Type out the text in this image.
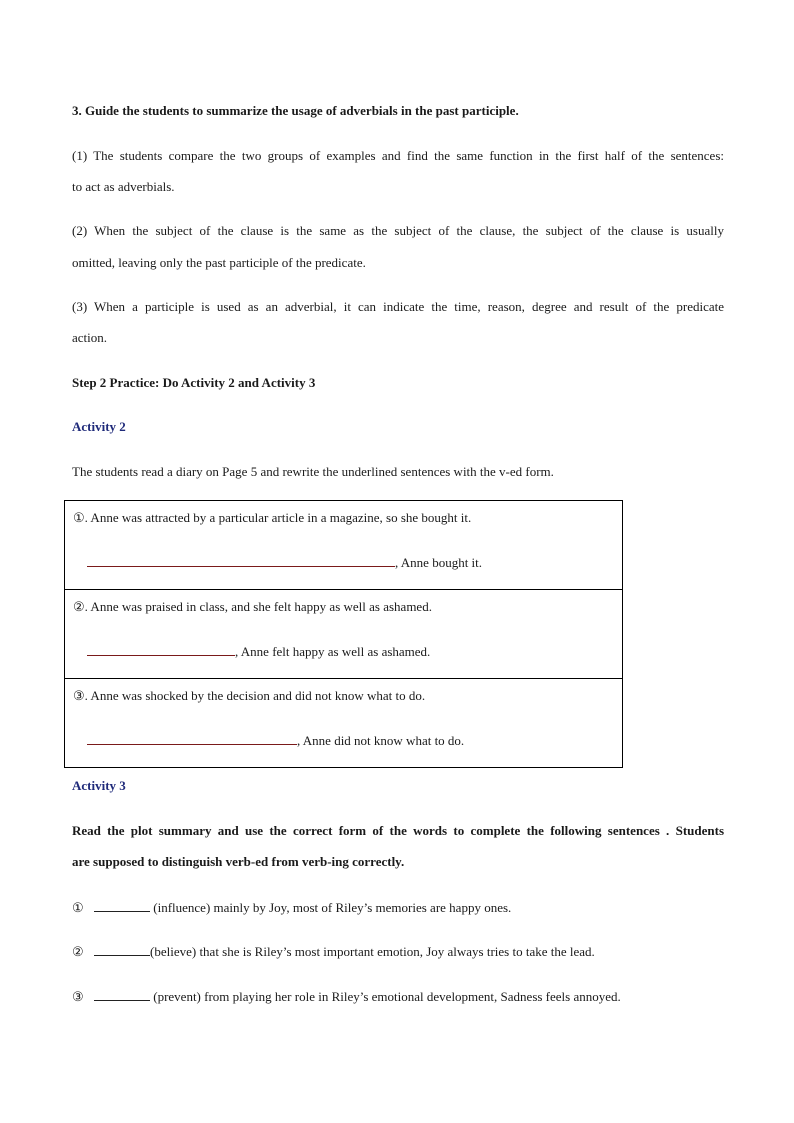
3. Guide the students to summarize the usage of adverbials in the past participle.
(1) The students compare the two groups of examples and find the same function in the first half of the sentences:
to act as adverbials.
(2) When the subject of the clause is the same as the subject of the clause, the subject of the clause is usually
omitted, leaving only the past participle of the predicate.
(3) When a participle is used as an adverbial, it can indicate the time, reason, degree and result of the predicate
action.
Step 2 Practice: Do Activity 2 and Activity 3
Activity 2
The students read a diary on Page 5 and rewrite the underlined sentences with the v-ed form.
①. Anne was attracted by a particular article in a magazine, so she bought it.
, Anne bought it.

②. Anne was praised in class, and she felt happy as well as ashamed.
, Anne felt happy as well as ashamed.

③. Anne was shocked by the decision and did not know what to do.
, Anne did not know what to do.
Activity 3
Read the plot summary and use the correct form of the words to complete the following sentences . Students
are supposed to distinguish verb-ed from verb-ing correctly.
①	(influence) mainly by Joy, most of Riley’s memories are happy ones.
②	(believe) that she is Riley’s most important emotion, Joy always tries to take the lead.
③	(prevent) from playing her role in Riley’s emotional development, Sadness feels annoyed.
